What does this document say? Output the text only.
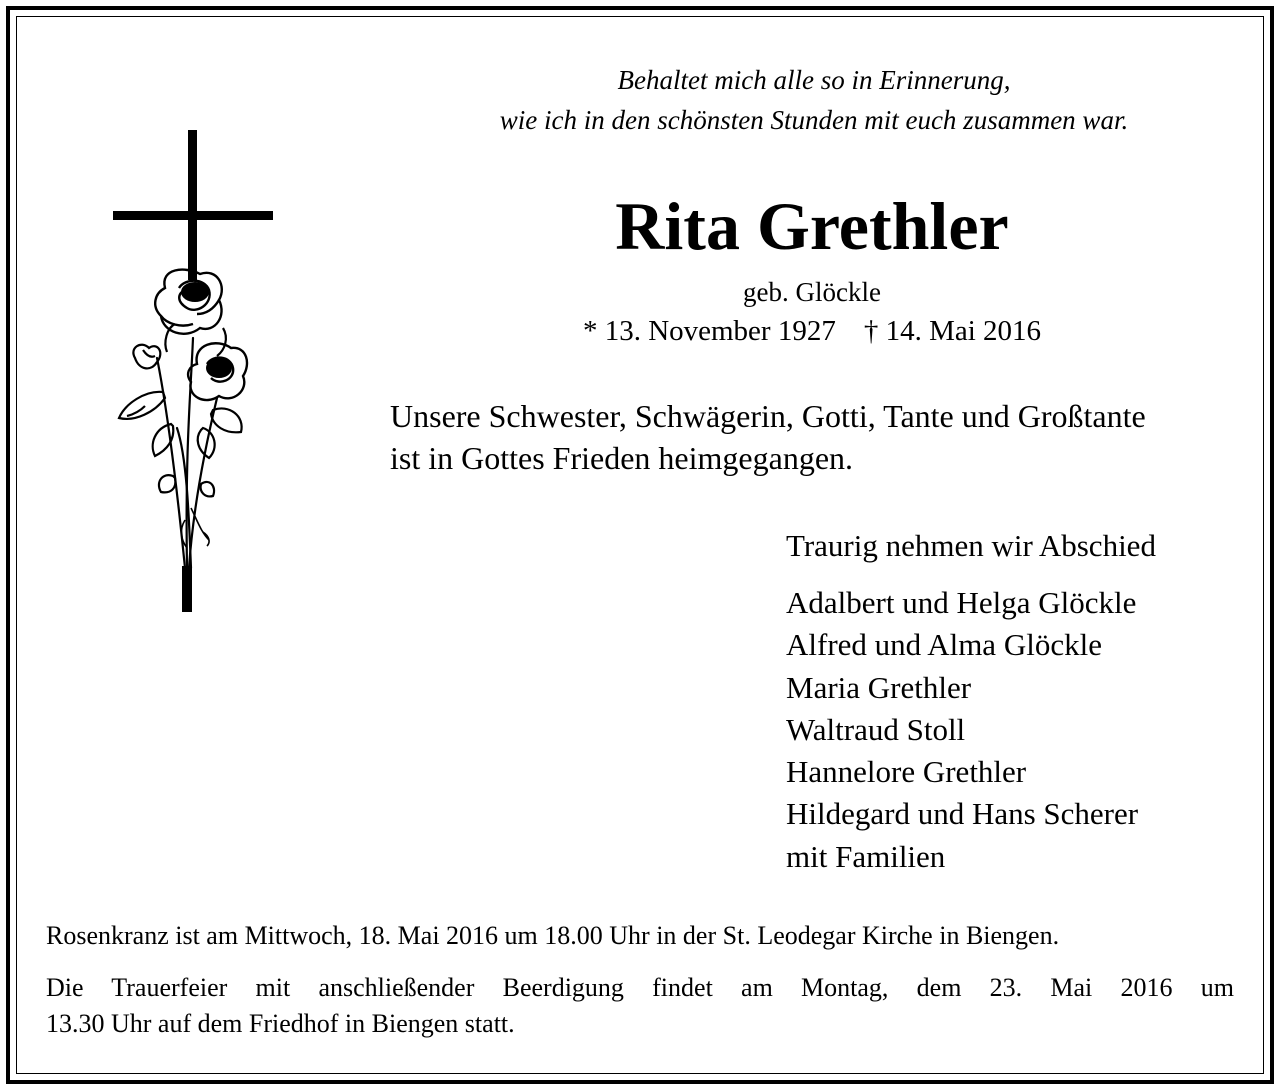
Behaltet mich alle so in Erinnerung,
wie ich in den schönsten Stunden mit euch zusammen war.
Rita Grethler
geb. Glöckle
* 13. November 1927 † 14. Mai 2016
Unsere Schwester, Schwägerin, Gotti, Tante und Großtante
ist in Gottes Frieden heimgegangen.
Traurig nehmen wir Abschied
Adalbert und Helga Glöckle
Alfred und Alma Glöckle
Maria Grethler
Waltraud Stoll
Hannelore Grethler
Hildegard und Hans Scherer
mit Familien
Rosenkranz ist am Mittwoch, 18. Mai 2016 um 18.00 Uhr in der St. Leodegar Kirche in Biengen.
Die Trauerfeier mit anschließender Beerdigung findet am Montag, dem 23. Mai 2016 um
13.30 Uhr auf dem Friedhof in Biengen statt.
